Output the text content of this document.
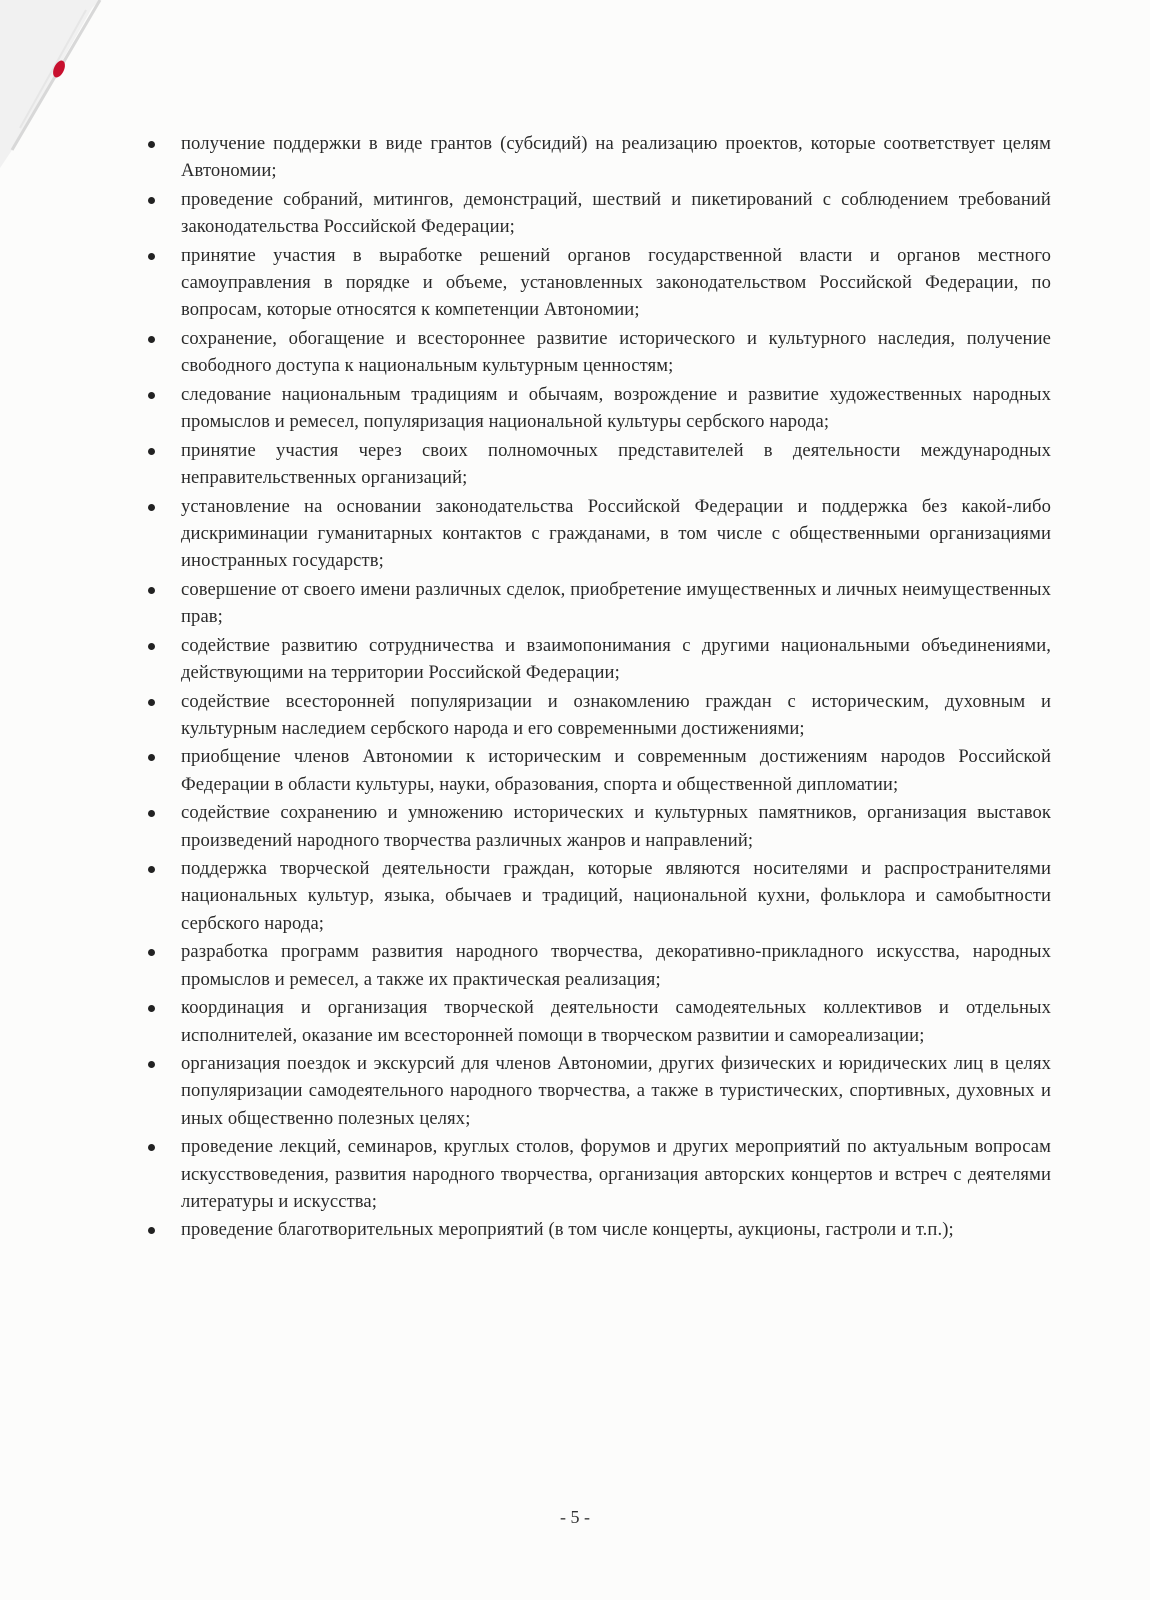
получение поддержки в виде грантов (субсидий) на реализацию проектов, которые соответствует целям Автономии;
проведение собраний, митингов, демонстраций, шествий и пикетирований с соблюдением требований законодательства Российской Федерации;
принятие участия в выработке решений органов государственной власти и органов местного самоуправления в порядке и объеме, установленных законодательством Российской Федерации, по вопросам, которые относятся к компетенции Автономии;
сохранение, обогащение и всестороннее развитие исторического и культурного наследия, получение свободного доступа к национальным культурным ценностям;
следование национальным традициям и обычаям, возрождение и развитие художественных народных промыслов и ремесел, популяризация национальной культуры сербского народа;
принятие участия через своих полномочных представителей в деятельности международных неправительственных организаций;
установление на основании законодательства Российской Федерации и поддержка без какой-либо дискриминации гуманитарных контактов с гражданами, в том числе с общественными организациями иностранных государств;
совершение от своего имени различных сделок, приобретение имущественных и личных неимущественных прав;
содействие развитию сотрудничества и взаимопонимания с другими национальными объединениями, действующими на территории Российской Федерации;
содействие всесторонней популяризации и ознакомлению граждан с историческим, духовным и культурным наследием сербского народа и его современными достижениями;
приобщение членов Автономии к историческим и современным достижениям народов Российской Федерации в области культуры, науки, образования, спорта и общественной дипломатии;
содействие сохранению и умножению исторических и культурных памятников, организация выставок произведений народного творчества различных жанров и направлений;
поддержка творческой деятельности граждан, которые являются носителями и распространителями национальных культур, языка, обычаев и традиций, национальной кухни, фольклора и самобытности сербского народа;
разработка программ развития народного творчества, декоративно-прикладного искусства, народных промыслов и ремесел, а также их практическая реализация;
координация и организация творческой деятельности самодеятельных коллективов и отдельных исполнителей, оказание им всесторонней помощи в творческом развитии и самореализации;
организация поездок и экскурсий для членов Автономии, других физических и юридических лиц в целях популяризации самодеятельного народного творчества, а также в туристических, спортивных, духовных и иных общественно полезных целях;
проведение лекций, семинаров, круглых столов, форумов и других мероприятий по актуальным вопросам искусствоведения, развития народного творчества, организация авторских концертов и встреч с деятелями литературы и искусства;
проведение благотворительных мероприятий (в том числе концерты, аукционы, гастроли и т.п.);
- 5 -
